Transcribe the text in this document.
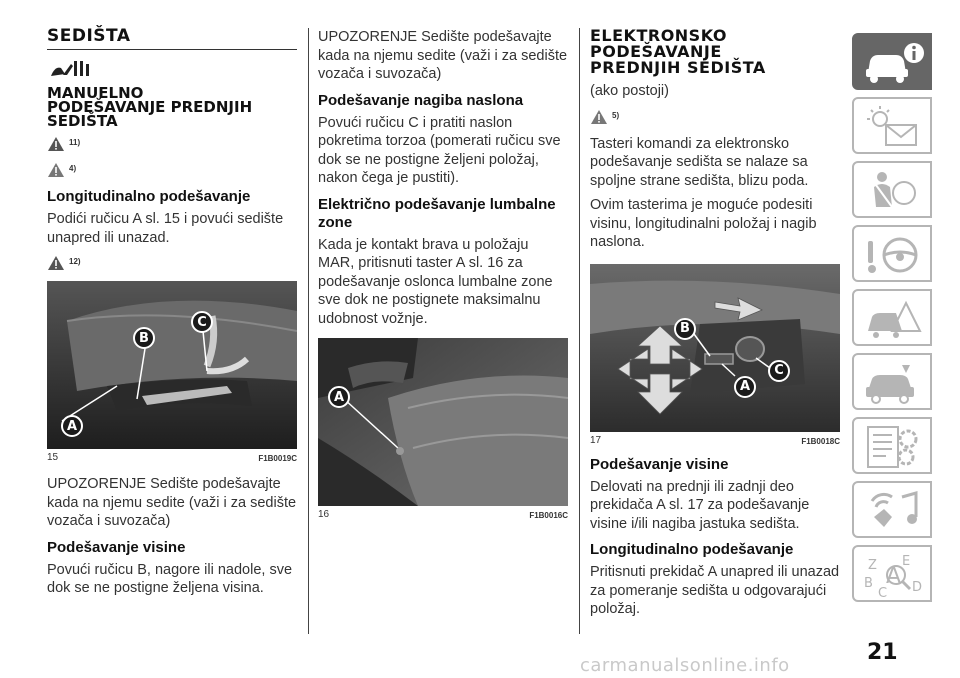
SEDIŠTA
MANUELNO PODEŠAVANJE PREDNJIH SEDIŠTA
11)
4)
Longitudinalno podešavanje

Podići ručicu A sl. 15 i povući sedište unapred ili unazad.

12)
A
B
C
15	F1B0019C

UPOZORENJE Sedište podešavajte kada na njemu sedite (važi i za sedište vozača i suvozača)

Podešavanje visine

Povući ručicu B, nagore ili nadole, sve dok se ne postigne željena visina.

UPOZORENJE Sedište podešavajte kada na njemu sedite (važi i za sedište vozača i suvozača)

Podešavanje nagiba naslona

Povući ručicu C i pratiti naslon pokretima torzoa (pomerati ručicu sve dok se ne postigne željeni položaj, nakon čega je pustiti).

Električno podešavanje lumbalne zone

Kada je kontakt brava u položaju MAR, pritisnuti taster A sl. 16 za podešavanje oslonca lumbalne zone sve dok ne postignete maksimalnu udobnost vožnje.

A
16	F1B0016C
ELEKTRONSKO PODEŠAVANJE PREDNJIH SEDIŠTA

(ako postoji)

5)

Tasteri komandi za elektronsko podešavanje sedišta se nalaze sa spoljne strane sedišta, blizu poda.

Ovim tasterima je moguće podesiti visinu, longitudinalni položaj i nagib naslona.

B
A
C
17	F1B0018C
Podešavanje visine

Delovati na prednji ili zadnji deo prekidača A sl. 17 za podešavanje visine i/ili nagiba jastuka sedišta.

Longitudinalno podešavanje

Pritisnuti prekidač A unapred ili unazad za pomeranje sedišta u odgovarajući položaj.

Z E
B A
C D
21
carmanualsonline.info
